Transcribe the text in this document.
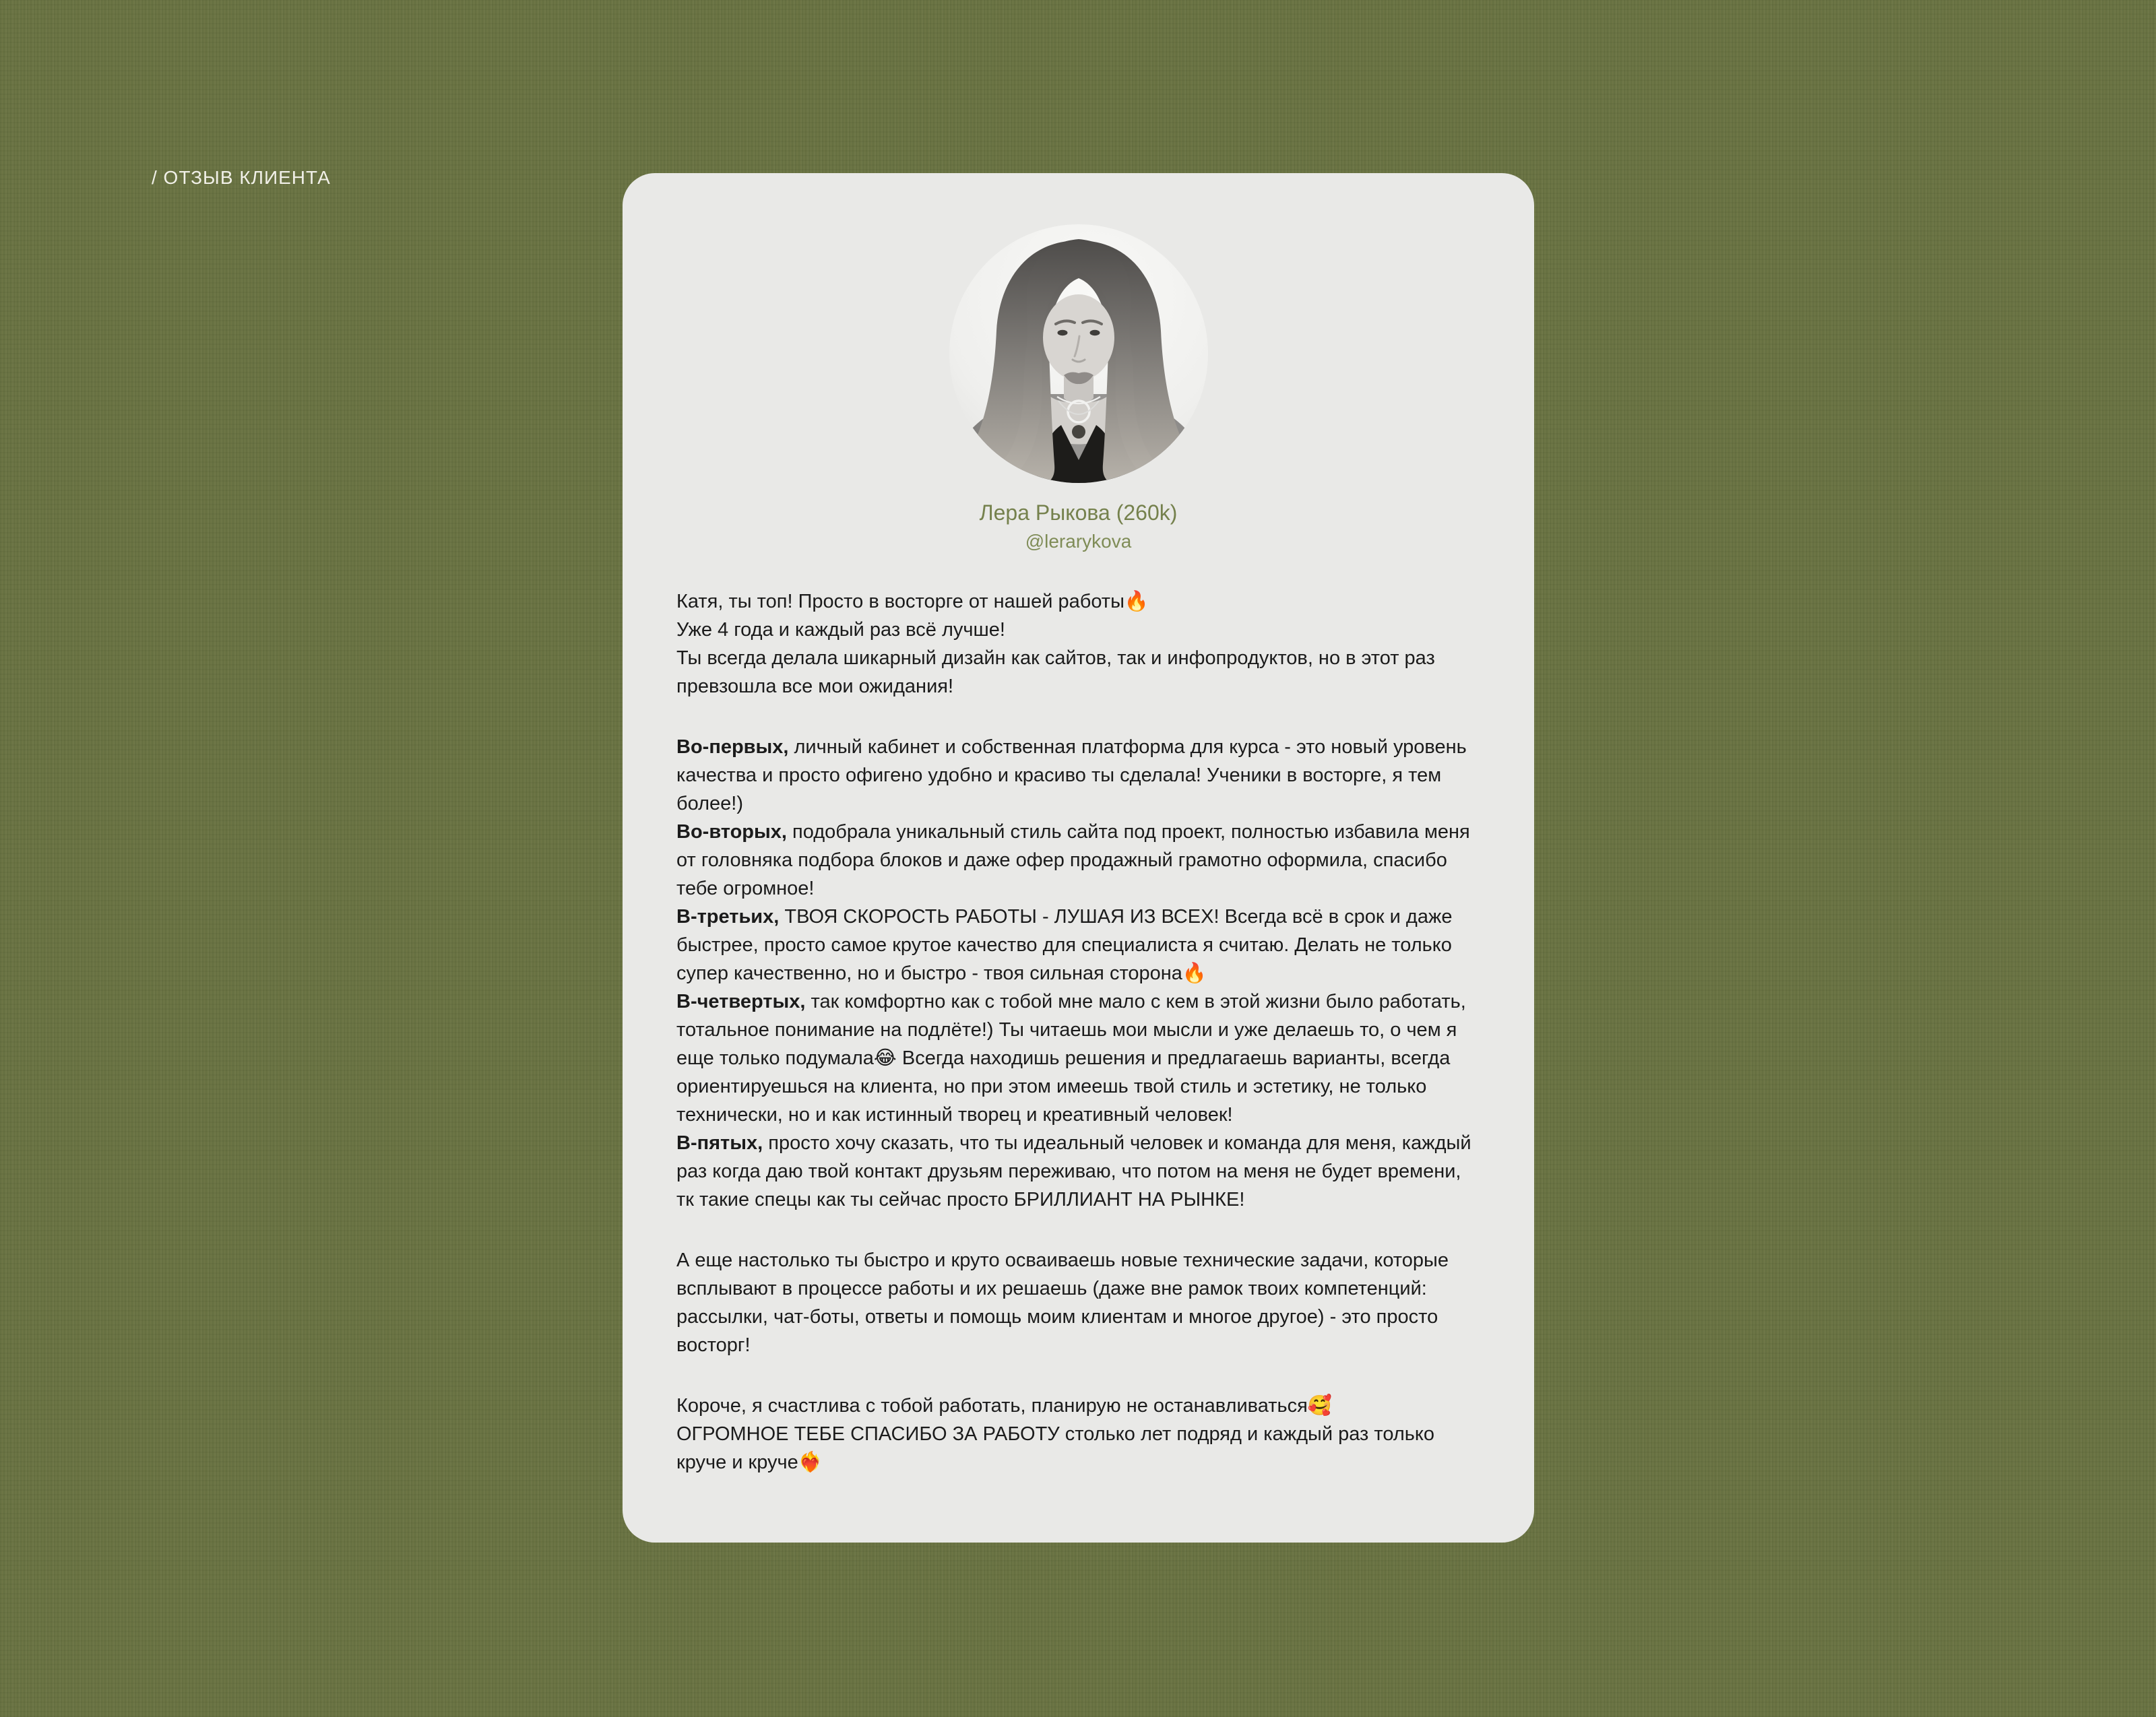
/ ОТЗЫВ КЛИЕНТА
Лера Рыкова (260k)
@lerarykova

Катя, ты топ! Просто в восторге от нашей работы🔥
Уже 4 года и каждый раз всё лучше!
Ты всегда делала шикарный дизайн как сайтов, так и инфопродуктов, но в этот раз превзошла все мои ожидания!

Во-первых, личный кабинет и собственная платформа для курса - это новый уровень качества и просто офигено удобно и красиво ты сделала! Ученики в восторге, я тем более!)
Во-вторых, подобрала уникальный стиль сайта под проект, полностью избавила меня от головняка подбора блоков и даже офер продажный грамотно оформила, спасибо тебе огромное!
В-третьих, ТВОЯ СКОРОСТЬ РАБОТЫ - ЛУШАЯ ИЗ ВСЕХ! Всегда всё в срок и даже быстрее, просто самое крутое качество для специалиста я считаю. Делать не только супер качественно, но и быстро - твоя сильная сторона🔥
В-четвертых, так комфортно как с тобой мне мало с кем в этой жизни было работать, тотальное понимание на подлёте!) Ты читаешь мои мысли и уже делаешь то, о чем я еще только подумала😂 Всегда находишь решения и предлагаешь варианты, всегда ориентируешься на клиента, но при этом имеешь твой стиль и эстетику, не только технически, но и как истинный творец и креативный человек!
В-пятых, просто хочу сказать, что ты идеальный человек и команда для меня, каждый раз когда даю твой контакт друзьям переживаю, что потом на меня не будет времени, тк такие спецы как ты сейчас просто БРИЛЛИАНТ НА РЫНКЕ!

А еще настолько ты быстро и круто осваиваешь новые технические задачи, которые всплывают в процессе работы и их решаешь (даже вне рамок твоих компетенций: рассылки, чат-боты, ответы и помощь моим клиентам и многое другое) - это просто восторг!

Короче, я счастлива с тобой работать, планирую не останавливаться🥰
ОГРОМНОЕ ТЕБЕ СПАСИБО ЗА РАБОТУ столько лет подряд и каждый раз только круче и круче❤️‍🔥
